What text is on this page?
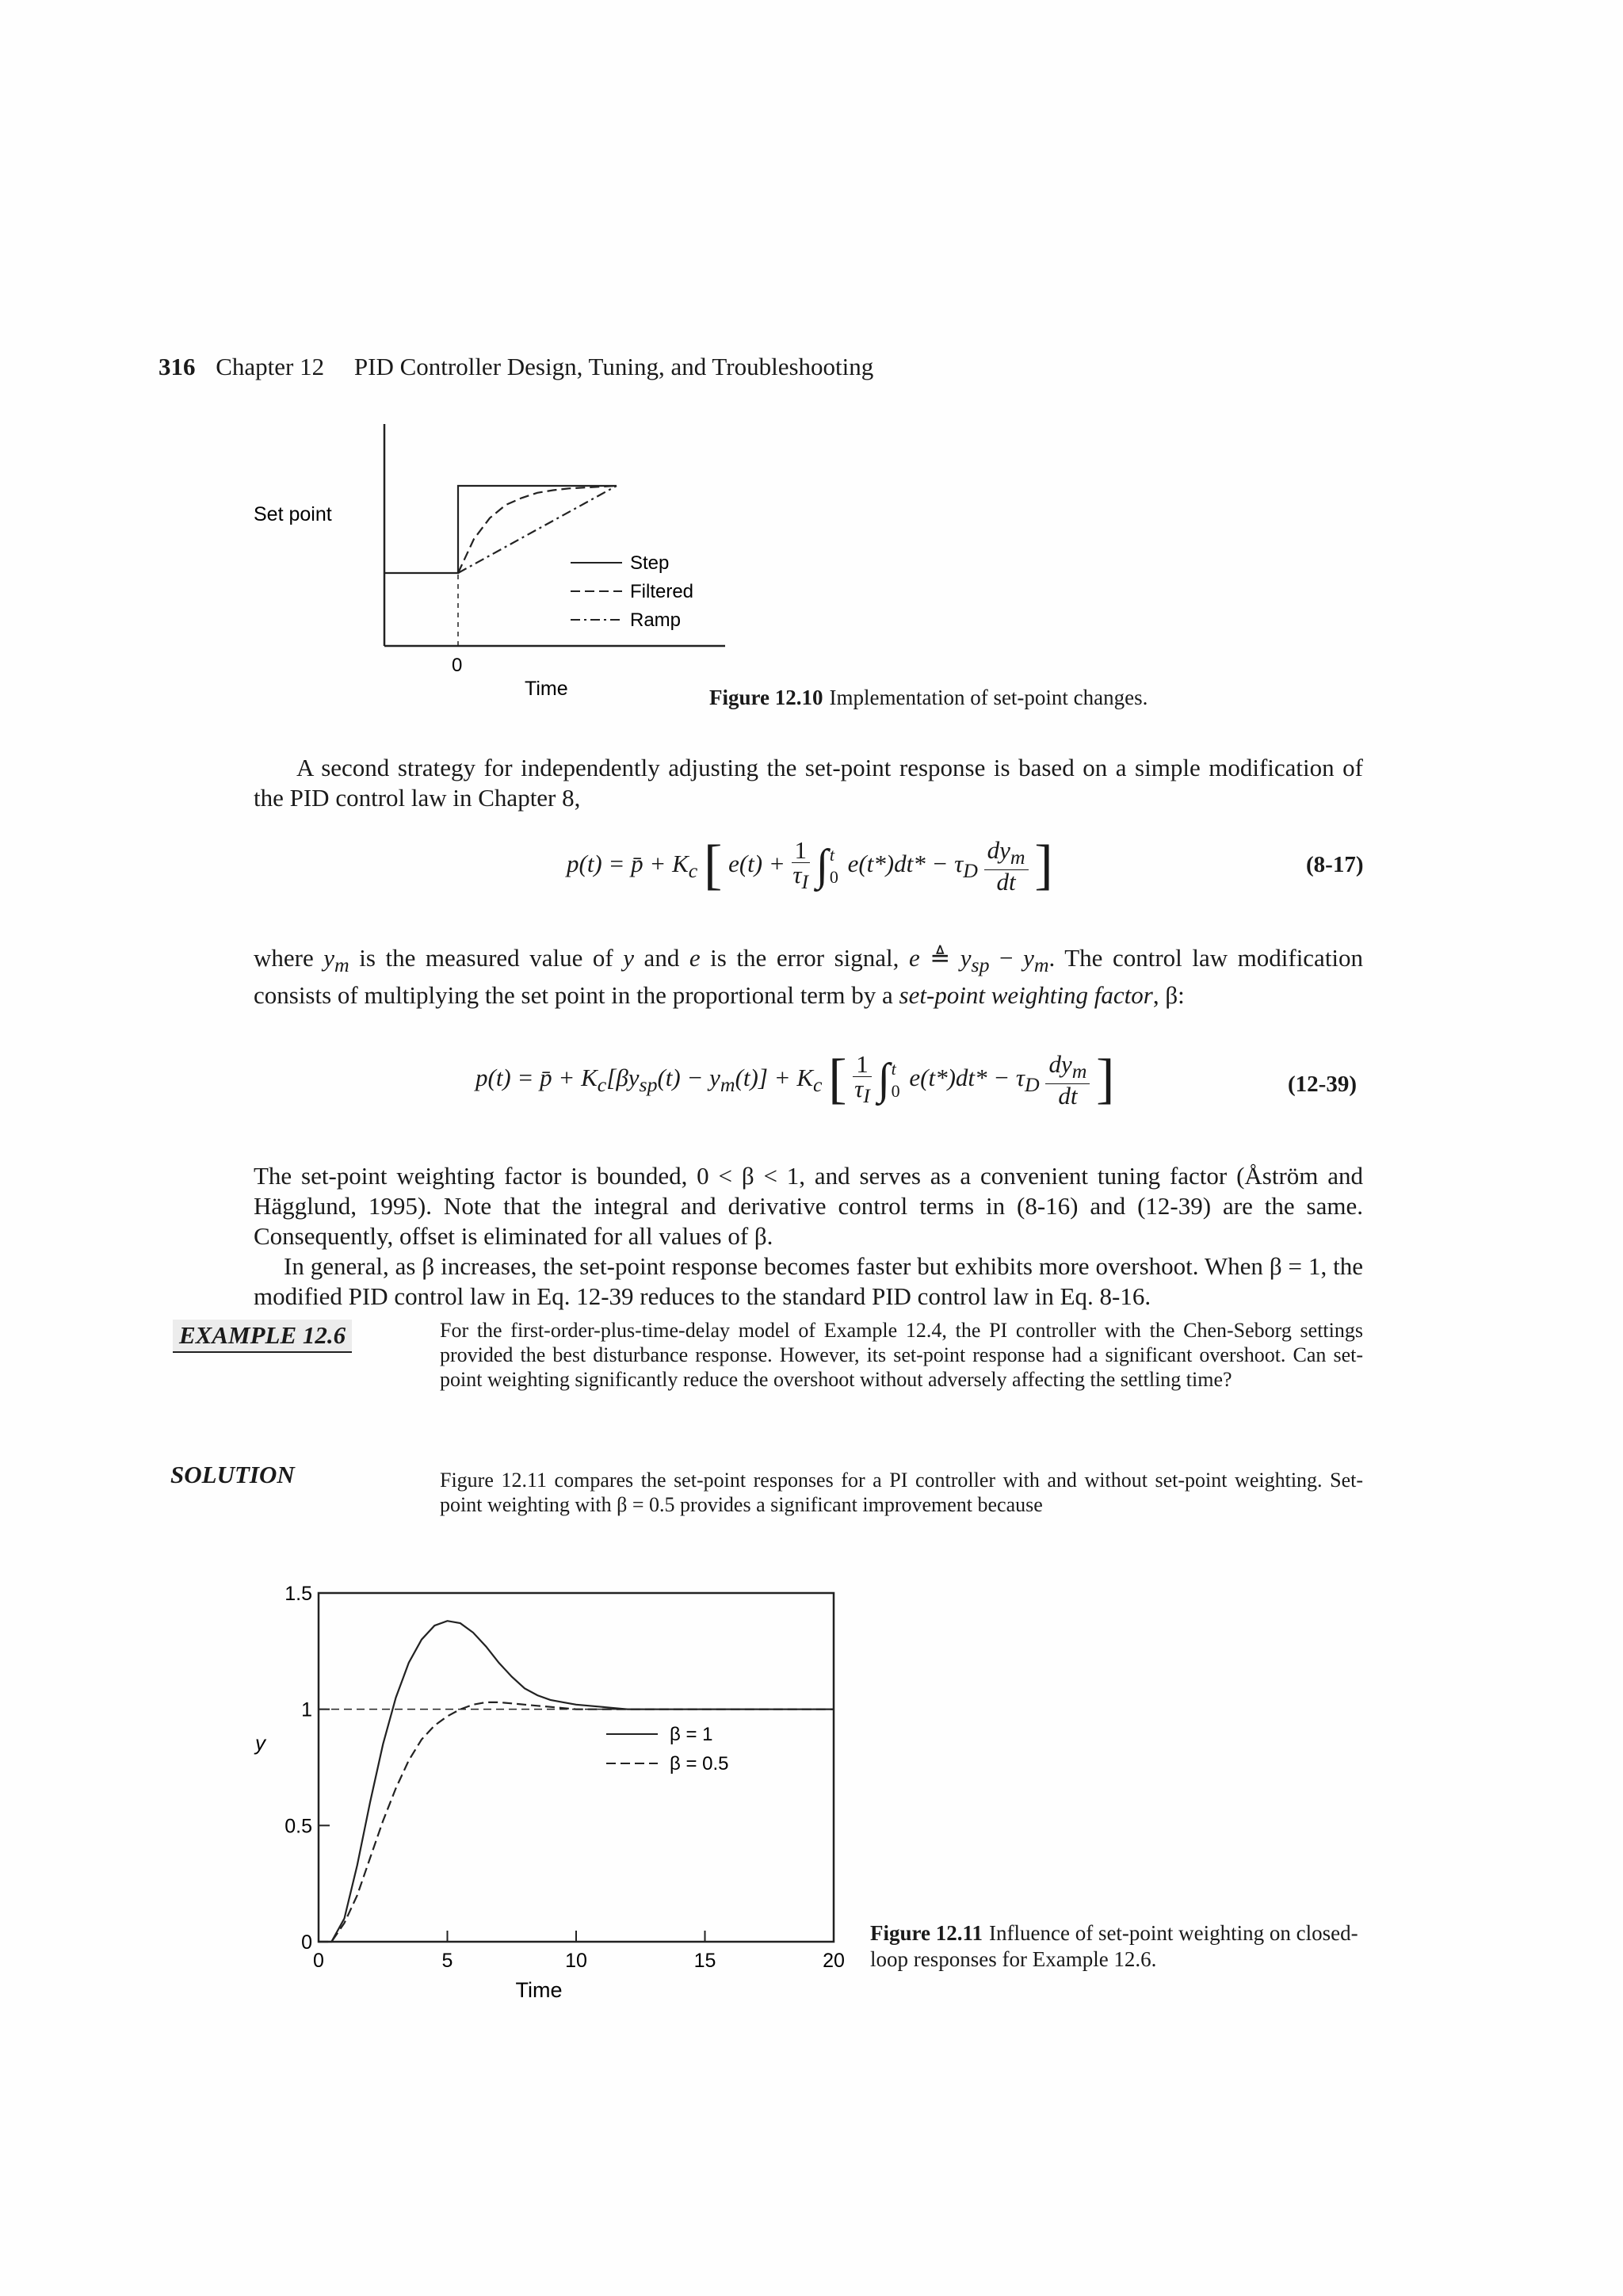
316 Chapter 12 PID Controller Design, Tuning, and Troubleshooting
Set point
0
Time
Step
Filtered
Ramp
Figure 12.10 Implementation of set-point changes.
A second strategy for independently adjusting the set-point response is based on a simple modification of the PID control law in Chapter 8,
p(t) = p̄ + $K_c$ [ $e(t) + \frac{1}{\tau_I}$ ∫ t
0 $e(t*)dt* - \tau_D$
$dy_m$
dt ]	(8-17)
where $y_m$ is the measured value of y and e is the error signal, e ≜ $y_{sp} - y_m$. The control law modification consists of multiplying the set point in the proportional term by a set-point weighting factor, β:
p(t) = p̄ + $K_c[\beta y_{sp}(t) - y_m(t)] + K_c$ [ $\frac{1}{\tau_I}$ ∫ t
0 $e(t*)dt* - \tau_D$
$dy_m$
dt ]	(12-39)
The set-point weighting factor is bounded, 0 < β < 1, and serves as a convenient tuning factor (Åström and Hägglund, 1995). Note that the integral and derivative control terms in (8-16) and (12-39) are the same. Consequently, offset is eliminated for all values of β.
In general, as β increases, the set-point response becomes faster but exhibits more overshoot. When β = 1, the modified PID control law in Eq. 12-39 reduces to the standard PID control law in Eq. 8-16.
EXAMPLE 12.6	For the first-order-plus-time-delay model of Example 12.4, the PI controller with the Chen-Seborg settings provided the best disturbance response. However, its set-point response had a significant overshoot. Can set-point weighting significantly reduce the overshoot without adversely affecting the settling time?
SOLUTION	Figure 12.11 compares the set-point responses for a PI controller with and without set-point weighting. Set-point weighting with β = 0.5 provides a significant improvement because
0	5	10	15	20
0
0.5
1
1.5
y
Time
β = 1
β = 0.5
Figure 12.11 Influence of set-point weighting on closed-loop responses for Example 12.6.
